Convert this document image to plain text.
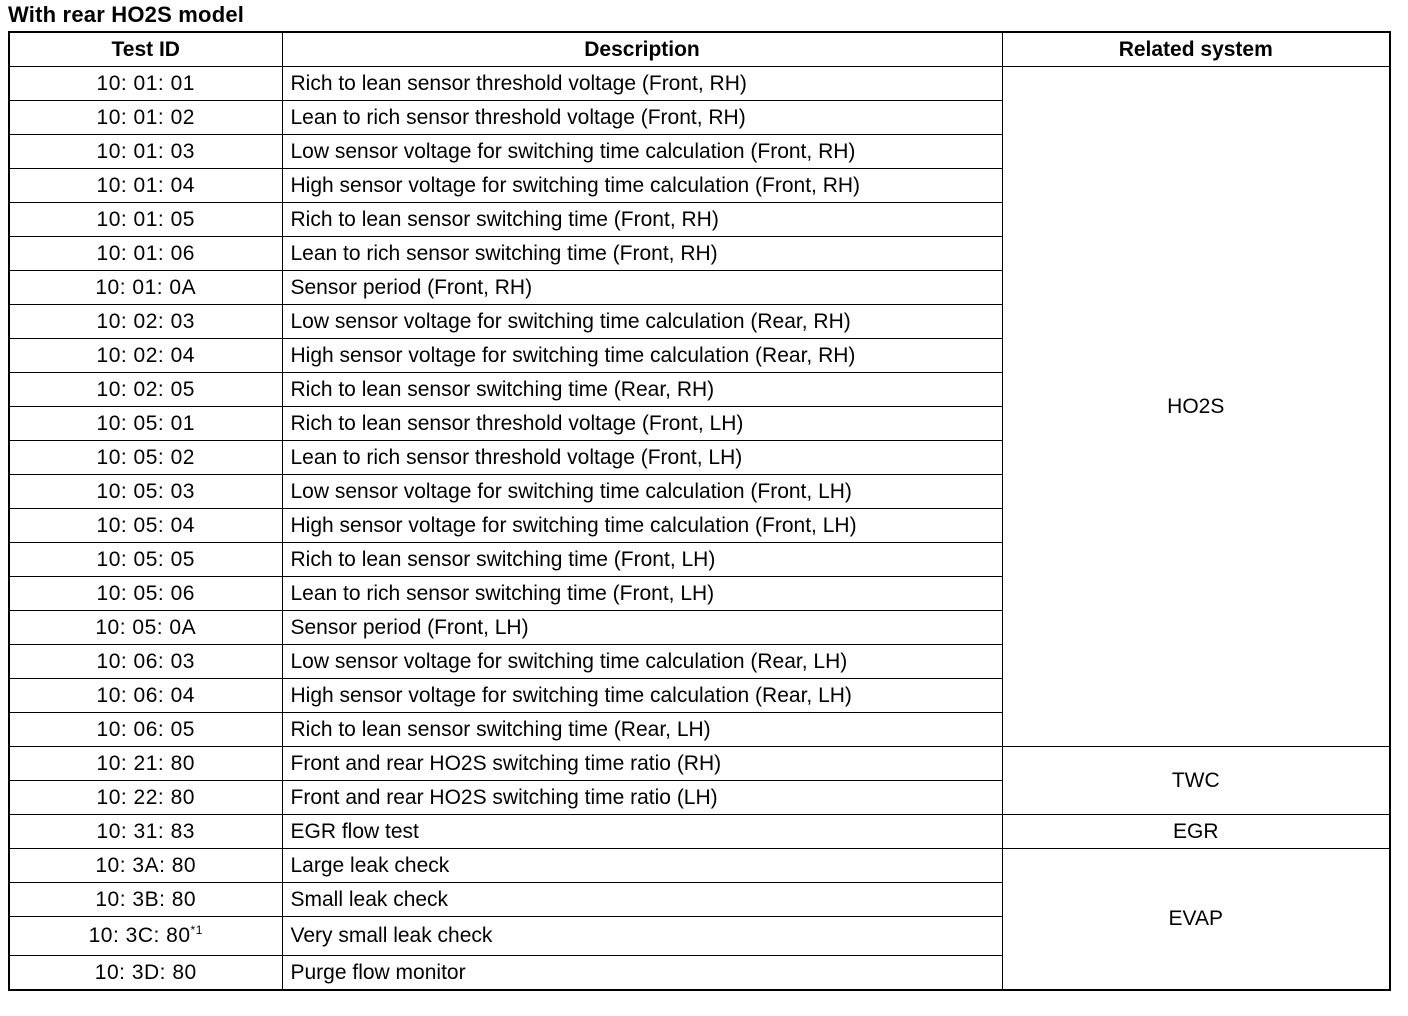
With rear HO2S model
Test ID	Description	Related system
10: 01: 01	Rich to lean sensor threshold voltage (Front, RH)	HO2S
10: 01: 02	Lean to rich sensor threshold voltage (Front, RH)	
10: 01: 03	Low sensor voltage for switching time calculation (Front, RH)	
10: 01: 04	High sensor voltage for switching time calculation (Front, RH)	
10: 01: 05	Rich to lean sensor switching time (Front, RH)	
10: 01: 06	Lean to rich sensor switching time (Front, RH)	
10: 01: 0A	Sensor period (Front, RH)	
10: 02: 03	Low sensor voltage for switching time calculation (Rear, RH)	
10: 02: 04	High sensor voltage for switching time calculation (Rear, RH)	
10: 02: 05	Rich to lean sensor switching time (Rear, RH)	
10: 05: 01	Rich to lean sensor threshold voltage (Front, LH)	
10: 05: 02	Lean to rich sensor threshold voltage (Front, LH)	
10: 05: 03	Low sensor voltage for switching time calculation (Front, LH)	
10: 05: 04	High sensor voltage for switching time calculation (Front, LH)	
10: 05: 05	Rich to lean sensor switching time (Front, LH)	
10: 05: 06	Lean to rich sensor switching time (Front, LH)	
10: 05: 0A	Sensor period (Front, LH)	
10: 06: 03	Low sensor voltage for switching time calculation (Rear, LH)	
10: 06: 04	High sensor voltage for switching time calculation (Rear, LH)	
10: 06: 05	Rich to lean sensor switching time (Rear, LH)	
10: 21: 80	Front and rear HO2S switching time ratio (RH)	TWC
10: 22: 80	Front and rear HO2S switching time ratio (LH)	
10: 31: 83	EGR flow test	EGR
10: 3A: 80	Large leak check	EVAP
10: 3B: 80	Small leak check	
10: 3C: 80$^{*1}$	Very small leak check	
10: 3D: 80	Purge flow monitor	
